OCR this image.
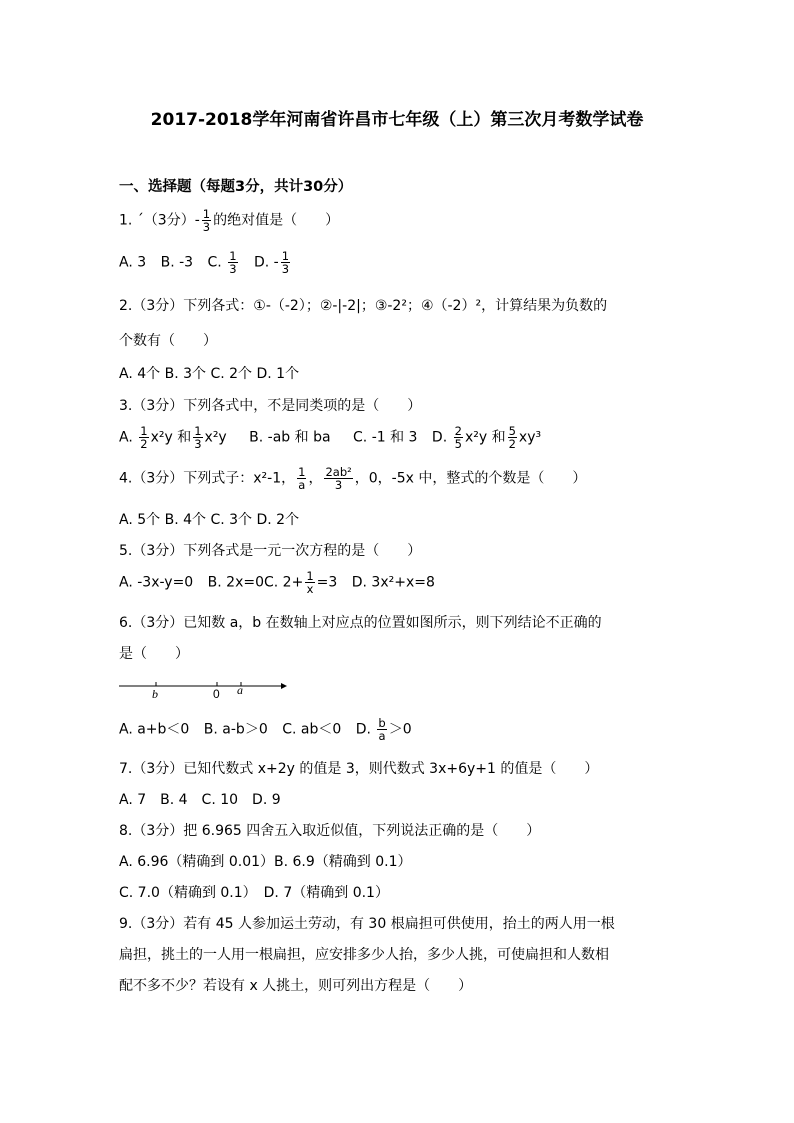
2017-2018学年河南省许昌市七年级（上）第三次月考数学试卷
一、选择题（每题3分，共计30分）
1. ˊ（3分）- $\frac{1}{3}$ 的绝对值是（　　）
A. 3 B. -3 C. $\frac{1}{3} D$. - $\frac{1}{3}$
2.（3分）下列各式：①-（-2）；②-|-2|；③-2²；④（-2）²，计算结果为负数的
个数有（　　）
A. 4个 B. 3个 C. 2个 D. 1个
3.（3分）下列各式中，不是同类项的是（　　）
A. $\frac{1}{2} x^2y$ 和 $\frac{1}{3} x^2y$ B. -ab 和 ba C. -1 和 3 D. $\frac{2}{5} x^2y$ 和 $\frac{5}{2} xy^3$
4.（3分）下列式子：x²-1， $\frac{1}{a}$ ， $\frac{\text{2ab²}}{3}$ ，0，-5x 中，整式的个数是（　　）
A. 5个 B. 4个 C. 3个 D. 2个
5.（3分）下列各式是一元一次方程的是（　　）
A. -3x-y=0 B. 2x=0C. $2+ \frac{1}{x} =3$ D. 3x²+x=8
6.（3分）已知数 a，b 在数轴上对应点的位置如图所示，则下列结论不正确的
是（　　）
b	0 a
A. a+b＜0 B. a-b＞0 C. ab＜0 D. $\frac{b}{a} >0$
7.（3分）已知代数式 x+2y 的值是 3，则代数式 3x+6y+1 的值是（　　）
A. 7　B. 4　C. 10　D. 9
8.（3分）把 6.965 四舍五入取近似值，下列说法正确的是（　　）
A. 6.96（精确到 0.01）B. 6.9（精确到 0.1）
C. 7.0（精确到 0.1）　D. 7（精确到 0.1）
9.（3分）若有 45 人参加运土劳动，有 30 根扁担可供使用，抬土的两人用一根
扁担，挑土的一人用一根扁担，应安排多少人抬，多少人挑，可使扁担和人数相
配不多不少？若设有 x 人挑土，则可列出方程是（　　）
